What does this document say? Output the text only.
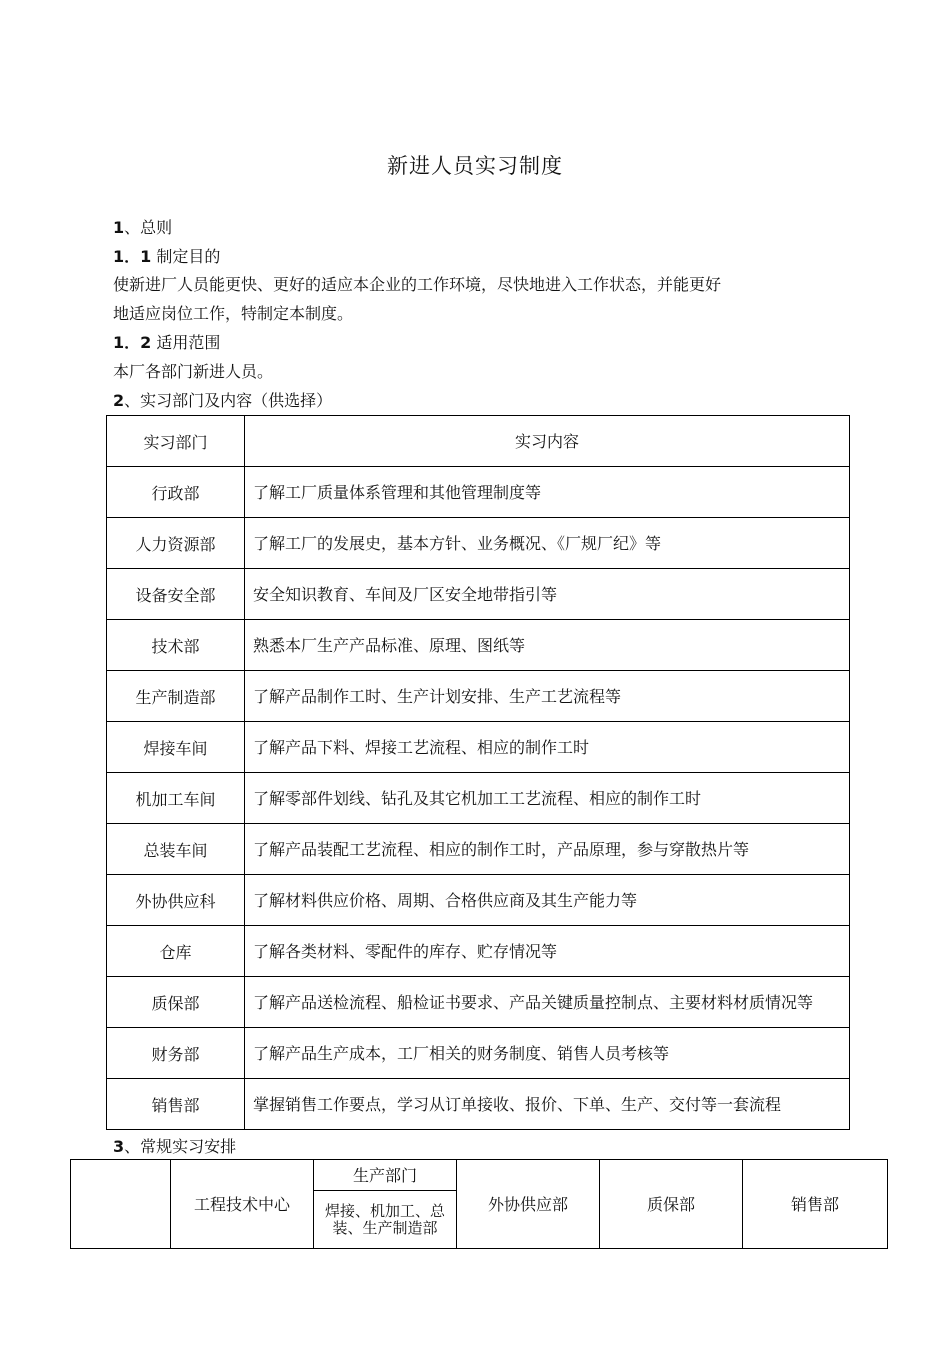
新进人员实习制度
1、总则
1．1 制定目的
使新进厂人员能更快、更好的适应本企业的工作环境，尽快地进入工作状态，并能更好
地适应岗位工作，特制定本制度。
1．2 适用范围
本厂各部门新进人员。
2、实习部门及内容（供选择）
实习部门	实习内容
行政部	了解工厂质量体系管理和其他管理制度等
人力资源部	了解工厂的发展史，基本方针、业务概况、《厂规厂纪》等
设备安全部	安全知识教育、车间及厂区安全地带指引等
技术部	熟悉本厂生产产品标准、原理、图纸等
生产制造部	了解产品制作工时、生产计划安排、生产工艺流程等
焊接车间	了解产品下料、焊接工艺流程、相应的制作工时
机加工车间	了解零部件划线、钻孔及其它机加工工艺流程、相应的制作工时
总装车间	了解产品装配工艺流程、相应的制作工时，产品原理，参与穿散热片等
外协供应科	了解材料供应价格、周期、合格供应商及其生产能力等
仓库	了解各类材料、零配件的库存、贮存情况等
质保部	了解产品送检流程、船检证书要求、产品关键质量控制点、主要材料材质情况等
财务部	了解产品生产成本，工厂相关的财务制度、销售人员考核等
销售部	掌握销售工作要点，学习从订单接收、报价、下单、生产、交付等一套流程
3、常规实习安排
	工程技术中心	生产部门	外协供应部	质保部	销售部
焊接、机加工、总装、生产制造部
